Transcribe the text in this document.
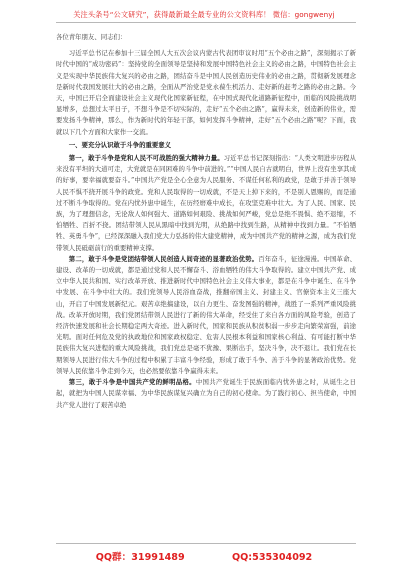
关注头条号“公文研究”，获得最新最全最专业的公文资料库！ 微信：gongwenyj

各位青年朋友、同志们：

习近平总书记在参加十三届全国人大五次会议内蒙古代表团审议时用“五个必由之路”，深刻揭示了新时代中国的“成功密码”：坚持党的全面领导是坚持和发展中国特色社会主义的必由之路，中国特色社会主义是实现中华民族伟大复兴的必由之路，团结奋斗是中国人民创造历史伟业的必由之路，贯彻新发展理念是新时代我国发展壮大的必由之路，全面从严治党是党永葆生机活力、走好新的赶考之路的必由之路。今天，中国已开启全面建设社会主义现代化国家新征程，在中国式现代化道路新征程中，面临的风险挑战明显增多，总想过太平日子，不想斗争是不切实际的，走好“五个必由之路”，赢得未来，创造新的伟业，需要发扬斗争精神，那么，作为新时代的年轻干部，如何发挥斗争精神，走好“五个必由之路”呢？下面，我就以下几个方面和大家作一交流。

一、要充分认识敢于斗争的重要意义

第一，敢于斗争是党和人民不可战胜的强大精神力量。习近平总书记深刻指出：“人类文明进步历程从来没有平坦的大道可走，大党就是在同困难的斗争中前进的。”“中国人民自古就明白，世界上没有坐享其成的好事，要幸福就要奋斗。”中国共产党是全心全意为人民服务、不谋任何私利的政党，是敢于并善于领导人民不惧不挠开展斗争的政党。党和人民取得的一切成就，不是天上掉下来的，不是别人恩赐的，而是通过不断斗争取得的。党在内忧外患中诞生，在历经磨难中成长，在攻坚克难中壮大。为了人民、国家、民族，为了理想信念，无论敌人如何强大、道路如何艰险、挑战如何严峻，党总是绝不畏惧、绝不退缩，不怕牺牲、百折不挠。团结带领人民从黑暗中找到光明，从绝路中找到生路，从精神中找到力量。“不怕牺牲、英勇斗争”，已经深深融入我们党大力弘扬的伟大建党精神，成为中国共产党的精神之源，成为我们党带领人民砥砺前行的重要精神支撑。

第二，敢于斗争是党团结带领人民创造人间奇迹的显著政治优势。百年奋斗，征途漫漫。中国革命、建设、改革的一切成就，都是通过党和人民不懈奋斗、浴血牺牲的伟大斗争取得的。建立中国共产党、成立中华人民共和国、实行改革开放、推进新时代中国特色社会主义伟大事业，都是在斗争中诞生、在斗争中发展、在斗争中壮大的。我们党领导人民浴血奋战，推翻帝国主义、封建主义、官僚资本主义三座大山，开启了中国发展新纪元。艰苦卓绝搞建设，以自力更生、奋发图强的精神，战胜了一系列严重风险挑战。改革开放时期，我们党团结带领人民进行了新的伟大革命，经受住了来自各方面的风险考验，创造了经济快速发展和社会长期稳定两大奇迹。进入新时代，国家和民族从积贫积弱一步步走向繁荣富强，前途光明。面对任何危及党的执政地位和国家政权稳定、危害人民根本利益和国家核心利益、有可能打断中华民族伟大复兴进程的重大风险挑战，我们党总是毫不犹豫、果断出手，坚决斗争，决不退让。我们党在长期领导人民进行伟大斗争的过程中积累了丰富斗争经验，形成了敢于斗争、善于斗争的显著政治优势。党领导人民依靠斗争走到今天，也必然要依靠斗争赢得未来。

第三，敢于斗争是中国共产党的鲜明品格。中国共产党诞生于民族面临内忧外患之时，从诞生之日起，就把为中国人民谋幸福、为中华民族谋复兴确立为自己的初心使命。为了践行初心、担当使命，中国共产党人进行了艰苦卓绝

QQ群：31991489	QQ:535304092
